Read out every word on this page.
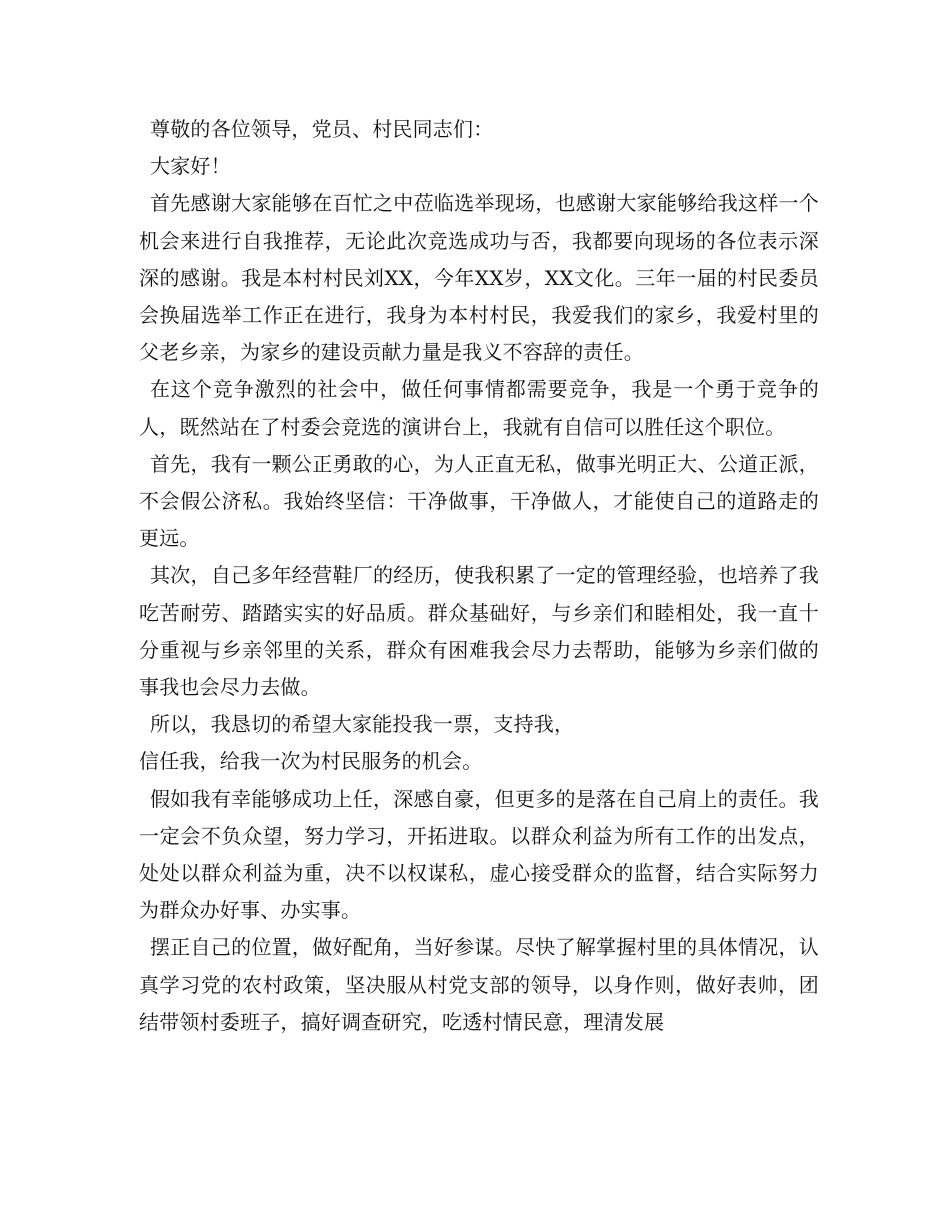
尊敬的各位领导，党员、村民同志们：

大家好！

首先感谢大家能够在百忙之中莅临选举现场，也感谢大家能够给我这样一个机会来进行自我推荐，无论此次竞选成功与否，我都要向现场的各位表示深深的感谢。我是本村村民刘XX，今年XX岁，XX文化。三年一届的村民委员会换届选举工作正在进行，我身为本村村民，我爱我们的家乡，我爱村里的父老乡亲，为家乡的建设贡献力量是我义不容辞的责任。

在这个竞争激烈的社会中，做任何事情都需要竞争，我是一个勇于竞争的人，既然站在了村委会竞选的演讲台上，我就有自信可以胜任这个职位。

首先，我有一颗公正勇敢的心，为人正直无私，做事光明正大、公道正派，不会假公济私。我始终坚信：干净做事，干净做人，才能使自己的道路走的更远。

其次，自己多年经营鞋厂的经历，使我积累了一定的管理经验，也培养了我吃苦耐劳、踏踏实实的好品质。群众基础好，与乡亲们和睦相处，我一直十分重视与乡亲邻里的关系，群众有困难我会尽力去帮助，能够为乡亲们做的事我也会尽力去做。

所以，我恳切的希望大家能投我一票，支持我，

信任我，给我一次为村民服务的机会。

假如我有幸能够成功上任，深感自豪，但更多的是落在自己肩上的责任。我一定会不负众望，努力学习，开拓进取。以群众利益为所有工作的出发点，处处以群众利益为重，决不以权谋私，虚心接受群众的监督，结合实际努力为群众办好事、办实事。

摆正自己的位置，做好配角，当好参谋。尽快了解掌握村里的具体情况，认真学习党的农村政策，坚决服从村党支部的领导，以身作则，做好表帅，团结带领村委班子，搞好调查研究，吃透村情民意，理清发展
